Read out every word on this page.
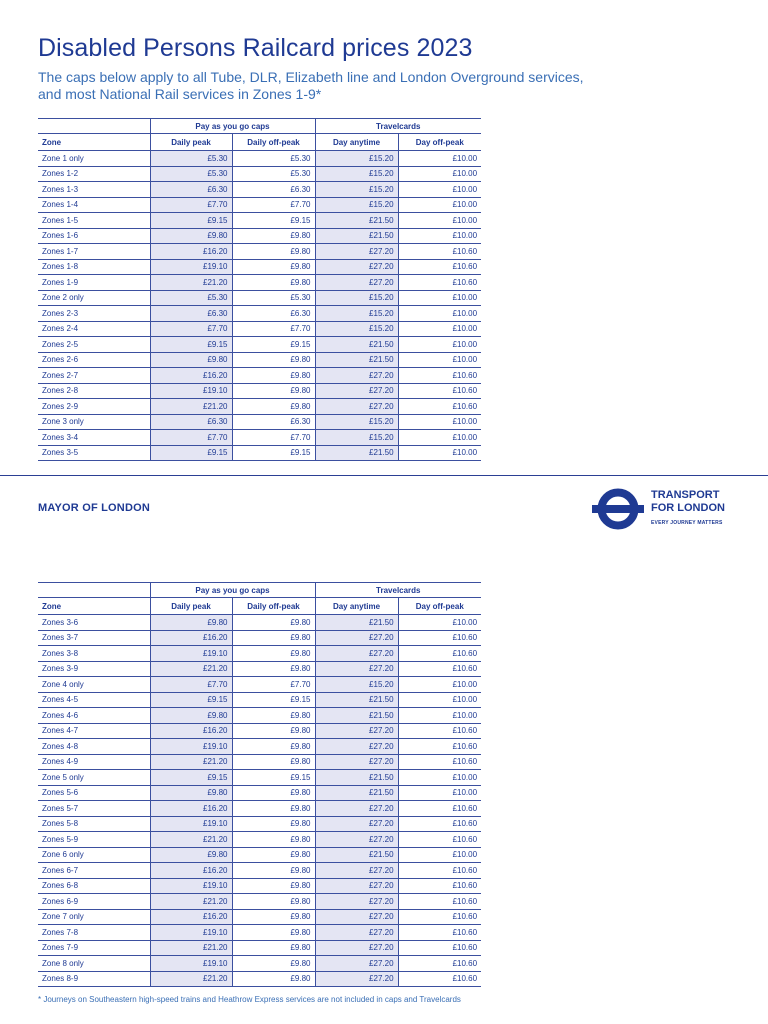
Disabled Persons Railcard prices 2023

The caps below apply to all Tube, DLR, Elizabeth line and London Overground services, and most National Rail services in Zones 1-9*

	Pay as you go caps		Travelcards	
Zone	Daily peak	Daily off-peak	Day anytime	Day off-peak
Zone 1 only	£5.30	£5.30	£15.20	£10.00
Zones 1-2	£5.30	£5.30	£15.20	£10.00
Zones 1-3	£6.30	£6.30	£15.20	£10.00
Zones 1-4	£7.70	£7.70	£15.20	£10.00
Zones 1-5	£9.15	£9.15	£21.50	£10.00
Zones 1-6	£9.80	£9.80	£21.50	£10.00
Zones 1-7	£16.20	£9.80	£27.20	£10.60
Zones 1-8	£19.10	£9.80	£27.20	£10.60
Zones 1-9	£21.20	£9.80	£27.20	£10.60
Zone 2 only	£5.30	£5.30	£15.20	£10.00
Zones 2-3	£6.30	£6.30	£15.20	£10.00
Zones 2-4	£7.70	£7.70	£15.20	£10.00
Zones 2-5	£9.15	£9.15	£21.50	£10.00
Zones 2-6	£9.80	£9.80	£21.50	£10.00
Zones 2-7	£16.20	£9.80	£27.20	£10.60
Zones 2-8	£19.10	£9.80	£27.20	£10.60
Zones 2-9	£21.20	£9.80	£27.20	£10.60
Zone 3 only	£6.30	£6.30	£15.20	£10.00
Zones 3-4	£7.70	£7.70	£15.20	£10.00
Zones 3-5	£9.15	£9.15	£21.50	£10.00
MAYOR OF LONDON
TRANSPORT
FOR LONDON
EVERY JOURNEY MATTERS
	Pay as you go caps		Travelcards	
Zone	Daily peak	Daily off-peak	Day anytime	Day off-peak
Zones 3-6	£9.80	£9.80	£21.50	£10.00
Zones 3-7	£16.20	£9.80	£27.20	£10.60
Zones 3-8	£19.10	£9.80	£27.20	£10.60
Zones 3-9	£21.20	£9.80	£27.20	£10.60
Zone 4 only	£7.70	£7.70	£15.20	£10.00
Zones 4-5	£9.15	£9.15	£21.50	£10.00
Zones 4-6	£9.80	£9.80	£21.50	£10.00
Zones 4-7	£16.20	£9.80	£27.20	£10.60
Zones 4-8	£19.10	£9.80	£27.20	£10.60
Zones 4-9	£21.20	£9.80	£27.20	£10.60
Zone 5 only	£9.15	£9.15	£21.50	£10.00
Zones 5-6	£9.80	£9.80	£21.50	£10.00
Zones 5-7	£16.20	£9.80	£27.20	£10.60
Zones 5-8	£19.10	£9.80	£27.20	£10.60
Zones 5-9	£21.20	£9.80	£27.20	£10.60
Zone 6 only	£9.80	£9.80	£21.50	£10.00
Zones 6-7	£16.20	£9.80	£27.20	£10.60
Zones 6-8	£19.10	£9.80	£27.20	£10.60
Zones 6-9	£21.20	£9.80	£27.20	£10.60
Zone 7 only	£16.20	£9.80	£27.20	£10.60
Zones 7-8	£19.10	£9.80	£27.20	£10.60
Zones 7-9	£21.20	£9.80	£27.20	£10.60
Zone 8 only	£19.10	£9.80	£27.20	£10.60
Zones 8-9	£21.20	£9.80	£27.20	£10.60

* Journeys on Southeastern high-speed trains and Heathrow Express services are not included in caps and Travelcards
